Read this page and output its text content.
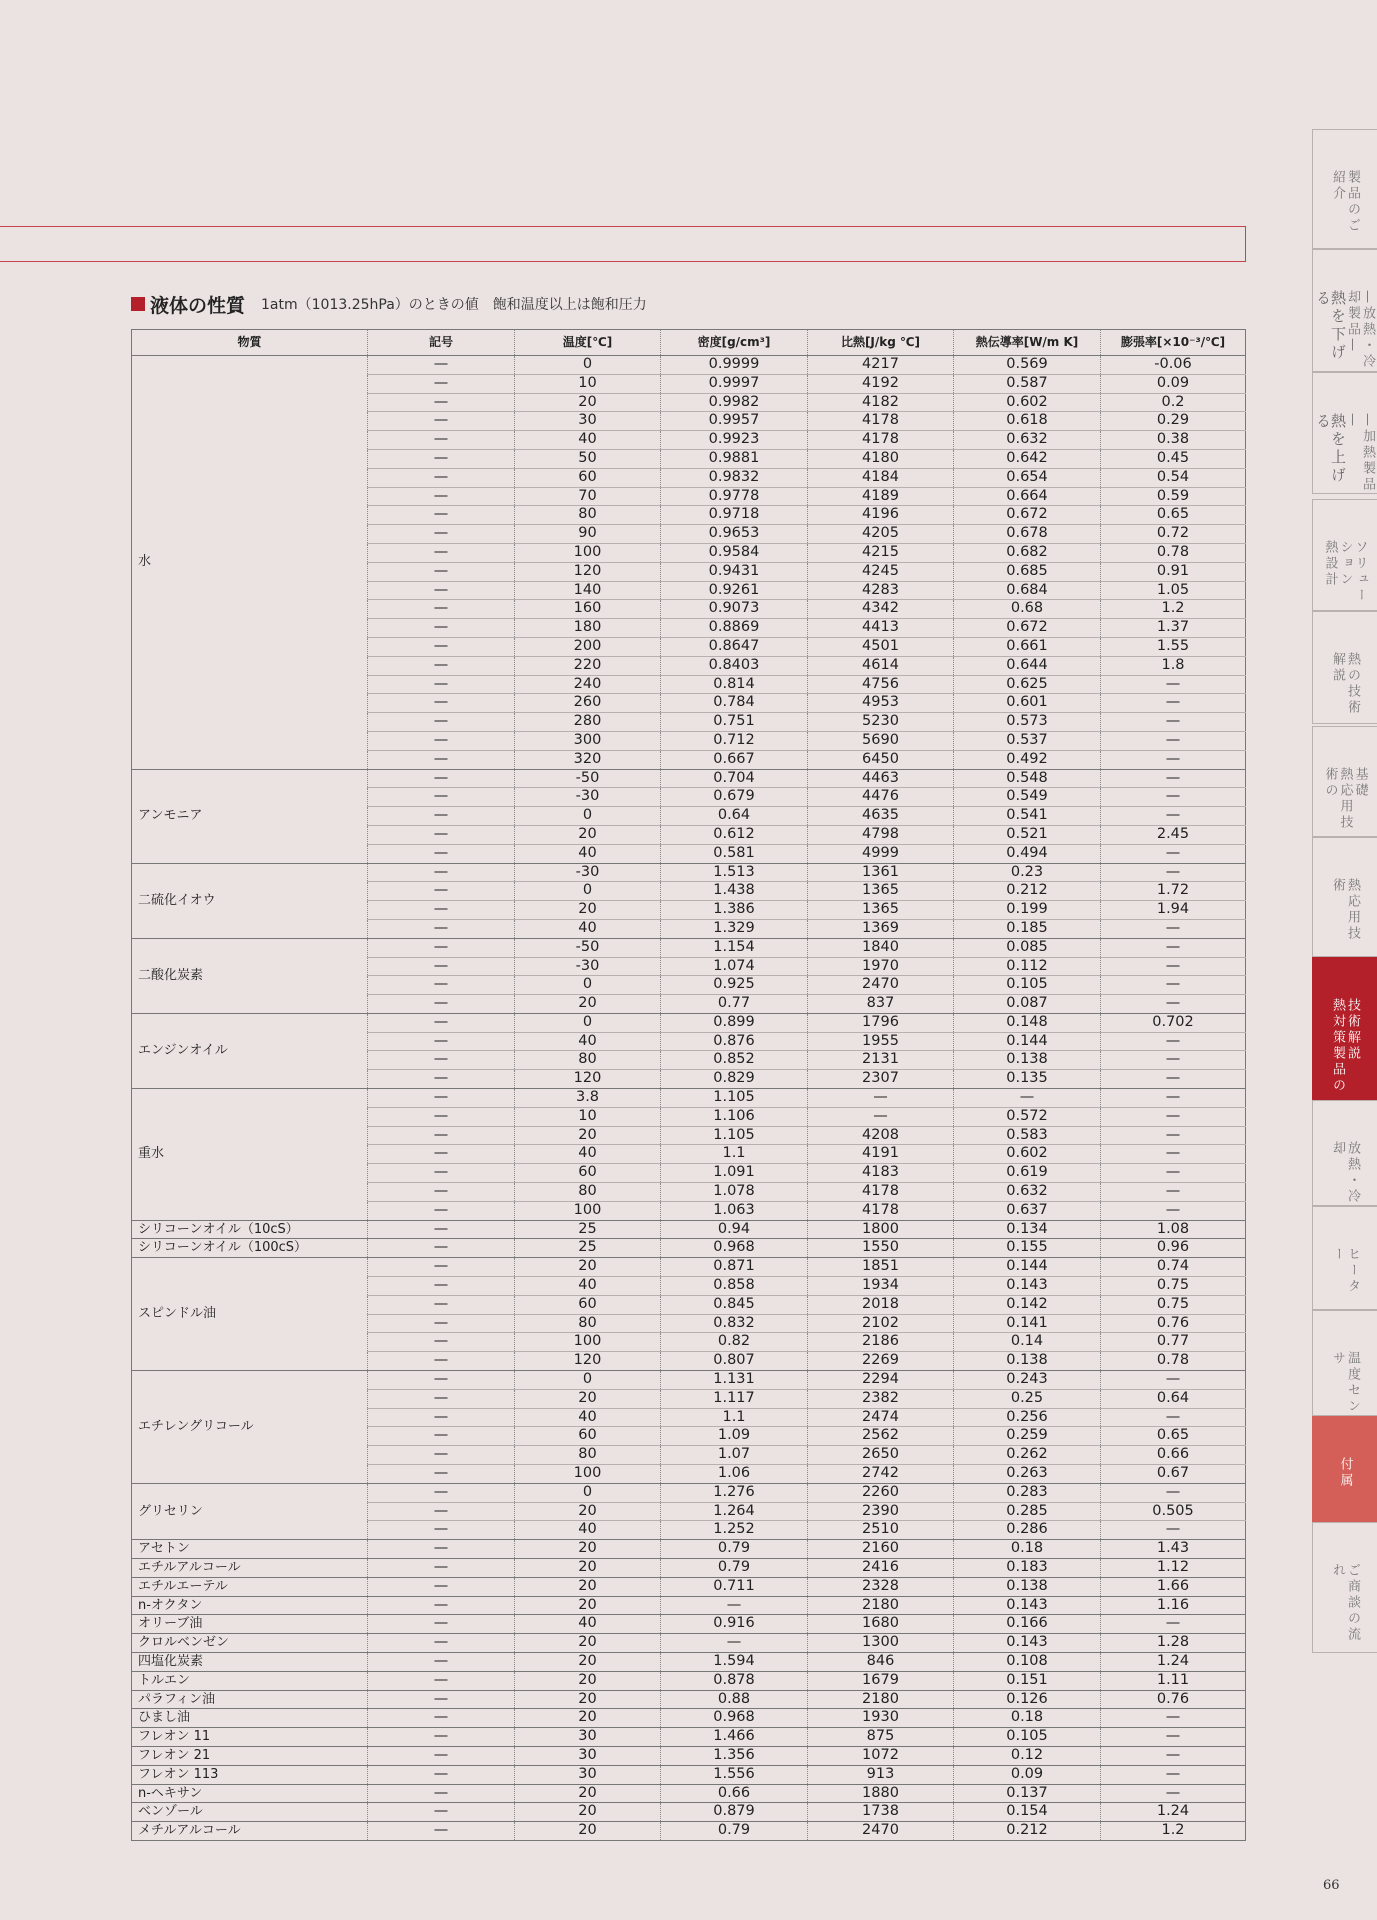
液体の性質 1atm（1013.25hPa）のときの値　飽和温度以上は飽和圧力
物質	記号	温度[℃]	密度[g/cm³]	比熱[J/kg ℃]	熱伝導率[W/m K]	膨張率[×10⁻³/℃]
水	—	0	0.9999	4217	0.569	-0.06
	—	10	0.9997	4192	0.587	0.09
	—	20	0.9982	4182	0.602	0.2
	—	30	0.9957	4178	0.618	0.29
	—	40	0.9923	4178	0.632	0.38
	—	50	0.9881	4180	0.642	0.45
	—	60	0.9832	4184	0.654	0.54
	—	70	0.9778	4189	0.664	0.59
	—	80	0.9718	4196	0.672	0.65
	—	90	0.9653	4205	0.678	0.72
	—	100	0.9584	4215	0.682	0.78
	—	120	0.9431	4245	0.685	0.91
	—	140	0.9261	4283	0.684	1.05
	—	160	0.9073	4342	0.68	1.2
	—	180	0.8869	4413	0.672	1.37
	—	200	0.8647	4501	0.661	1.55
	—	220	0.8403	4614	0.644	1.8
	—	240	0.814	4756	0.625	—
	—	260	0.784	4953	0.601	—
	—	280	0.751	5230	0.573	—
	—	300	0.712	5690	0.537	—
	—	320	0.667	6450	0.492	—
アンモニア	—	-50	0.704	4463	0.548	—
	—	-30	0.679	4476	0.549	—
	—	0	0.64	4635	0.541	—
	—	20	0.612	4798	0.521	2.45
	—	40	0.581	4999	0.494	—
二硫化イオウ	—	-30	1.513	1361	0.23	—
	—	0	1.438	1365	0.212	1.72
	—	20	1.386	1365	0.199	1.94
	—	40	1.329	1369	0.185	—
二酸化炭素	—	-50	1.154	1840	0.085	—
	—	-30	1.074	1970	0.112	—
	—	0	0.925	2470	0.105	—
	—	20	0.77	837	0.087	—
エンジンオイル	—	0	0.899	1796	0.148	0.702
	—	40	0.876	1955	0.144	—
	—	80	0.852	2131	0.138	—
	—	120	0.829	2307	0.135	—
重水	—	3.8	1.105	—	—	—
	—	10	1.106	—	0.572	—
	—	20	1.105	4208	0.583	—
	—	40	1.1	4191	0.602	—
	—	60	1.091	4183	0.619	—
	—	80	1.078	4178	0.632	—
	—	100	1.063	4178	0.637	—
シリコーンオイル（10cS）	—	25	0.94	1800	0.134	1.08
シリコーンオイル（100cS）	—	25	0.968	1550	0.155	0.96
スピンドル油	—	20	0.871	1851	0.144	0.74
	—	40	0.858	1934	0.143	0.75
	—	60	0.845	2018	0.142	0.75
	—	80	0.832	2102	0.141	0.76
	—	100	0.82	2186	0.14	0.77
	—	120	0.807	2269	0.138	0.78
エチレングリコール	—	0	1.131	2294	0.243	—
	—	20	1.117	2382	0.25	0.64
	—	40	1.1	2474	0.256	—
	—	60	1.09	2562	0.259	0.65
	—	80	1.07	2650	0.262	0.66
	—	100	1.06	2742	0.263	0.67
グリセリン	—	0	1.276	2260	0.283	—
	—	20	1.264	2390	0.285	0.505
	—	40	1.252	2510	0.286	—
アセトン	—	20	0.79	2160	0.18	1.43
エチルアルコール	—	20	0.79	2416	0.183	1.12
エチルエーテル	—	20	0.711	2328	0.138	1.66
n-オクタン	—	20	—	2180	0.143	1.16
オリーブ油	—	40	0.916	1680	0.166	—
クロルベンゼン	—	20	—	1300	0.143	1.28
四塩化炭素	—	20	1.594	846	0.108	1.24
トルエン	—	20	0.878	1679	0.151	1.11
パラフィン油	—	20	0.88	2180	0.126	0.76
ひまし油	—	20	0.968	1930	0.18	—
フレオン 11	—	30	1.466	875	0.105	—
フレオン 21	—	30	1.356	1072	0.12	—
フレオン 113	—	30	1.556	913	0.09	—
n-ヘキサン	—	20	0.66	1880	0.137	—
ベンゾール	—	20	0.879	1738	0.154	1.24
メチルアルコール	—	20	0.79	2470	0.212	1.2
製品のご紹介
熱を下げる	—放熱・冷却製品—
熱を上げる	—加熱製品—
熱設計	ソリューション
熱の技術解説
熱応用技術の	基礎
熱応用技術
熱対策製品の 技術解説
放熱・冷却
ヒーター
温度センサ
付属
ご商談の流れ
66
